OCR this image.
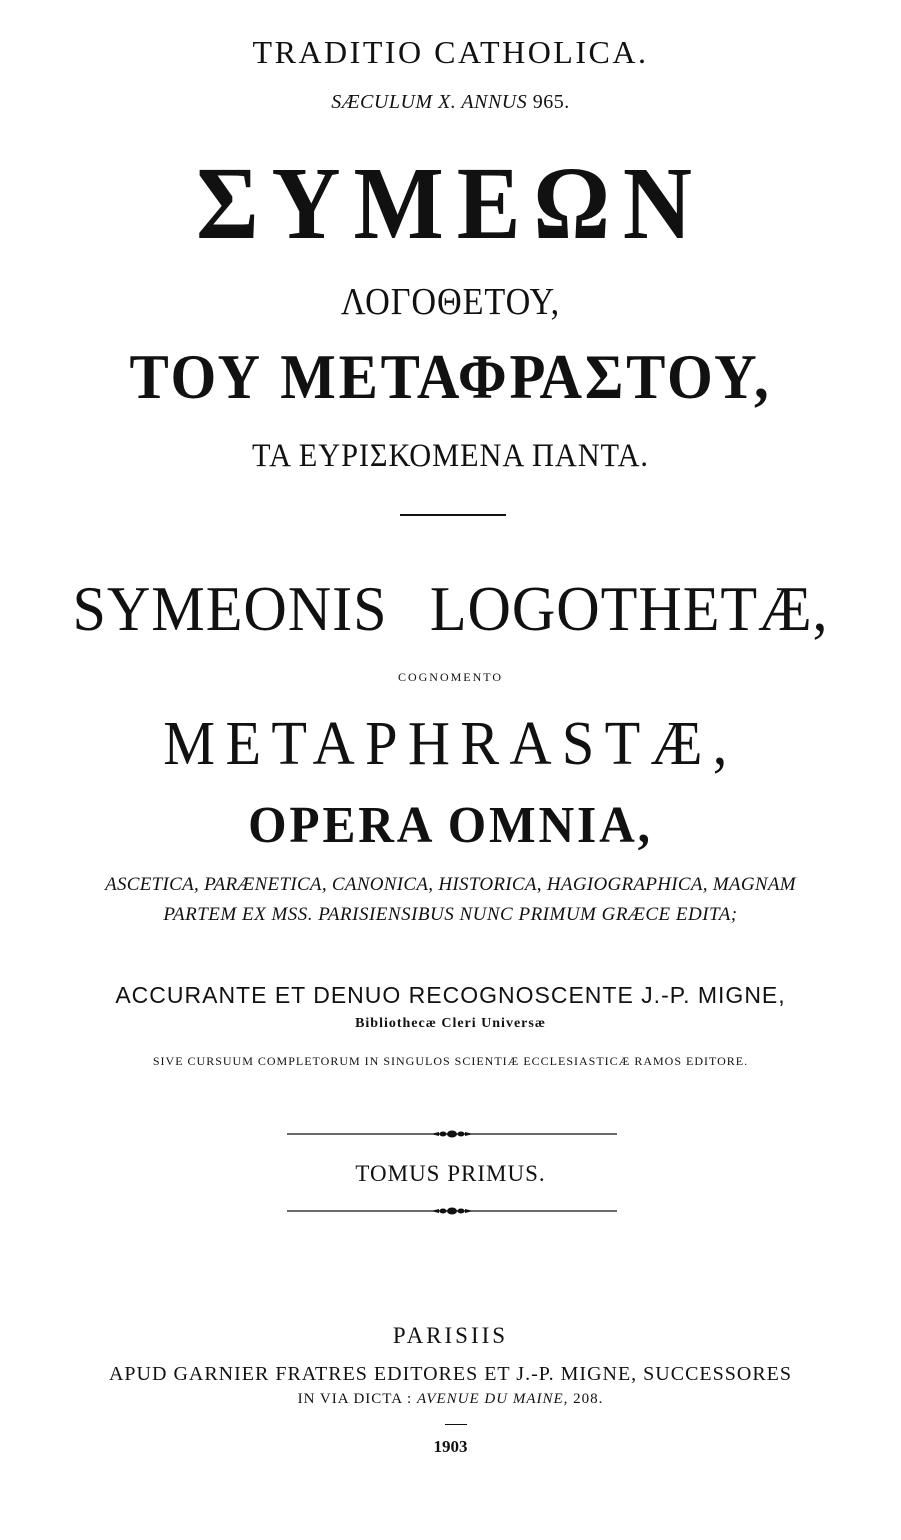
TRADITIO CATHOLICA.
SÆCULUM X. ANNUS 965.
ΣΥΜΕΩΝ
ΛΟΓΟΘΕΤΟΥ,
ΤΟΥ ΜΕΤΑΦΡΑΣΤΟΥ,
ΤΑ ΕΥΡΙΣΚΟΜΕΝΑ ΠΑΝΤΑ.
SYMEONIS LOGOTHETÆ,
COGNOMENTO
METAPHRASTÆ,
OPERA OMNIA,
ASCETICA, PARÆNETICA, CANONICA, HISTORICA, HAGIOGRAPHICA, MAGNAM
PARTEM EX MSS. PARISIENSIBUS NUNC PRIMUM GRÆCE EDITA;
ACCURANTE ET DENUO RECOGNOSCENTE J.-P. MIGNE,
Bibliothecæ Cleri Universæ
SIVE CURSUUM COMPLETORUM IN SINGULOS SCIENTIÆ ECCLESIASTICÆ RAMOS EDITORE.
TOMUS PRIMUS.
PARISIIS
APUD GARNIER FRATRES EDITORES ET J.-P. MIGNE, SUCCESSORES
IN VIA DICTA : AVENUE DU MAINE, 208.
1903
